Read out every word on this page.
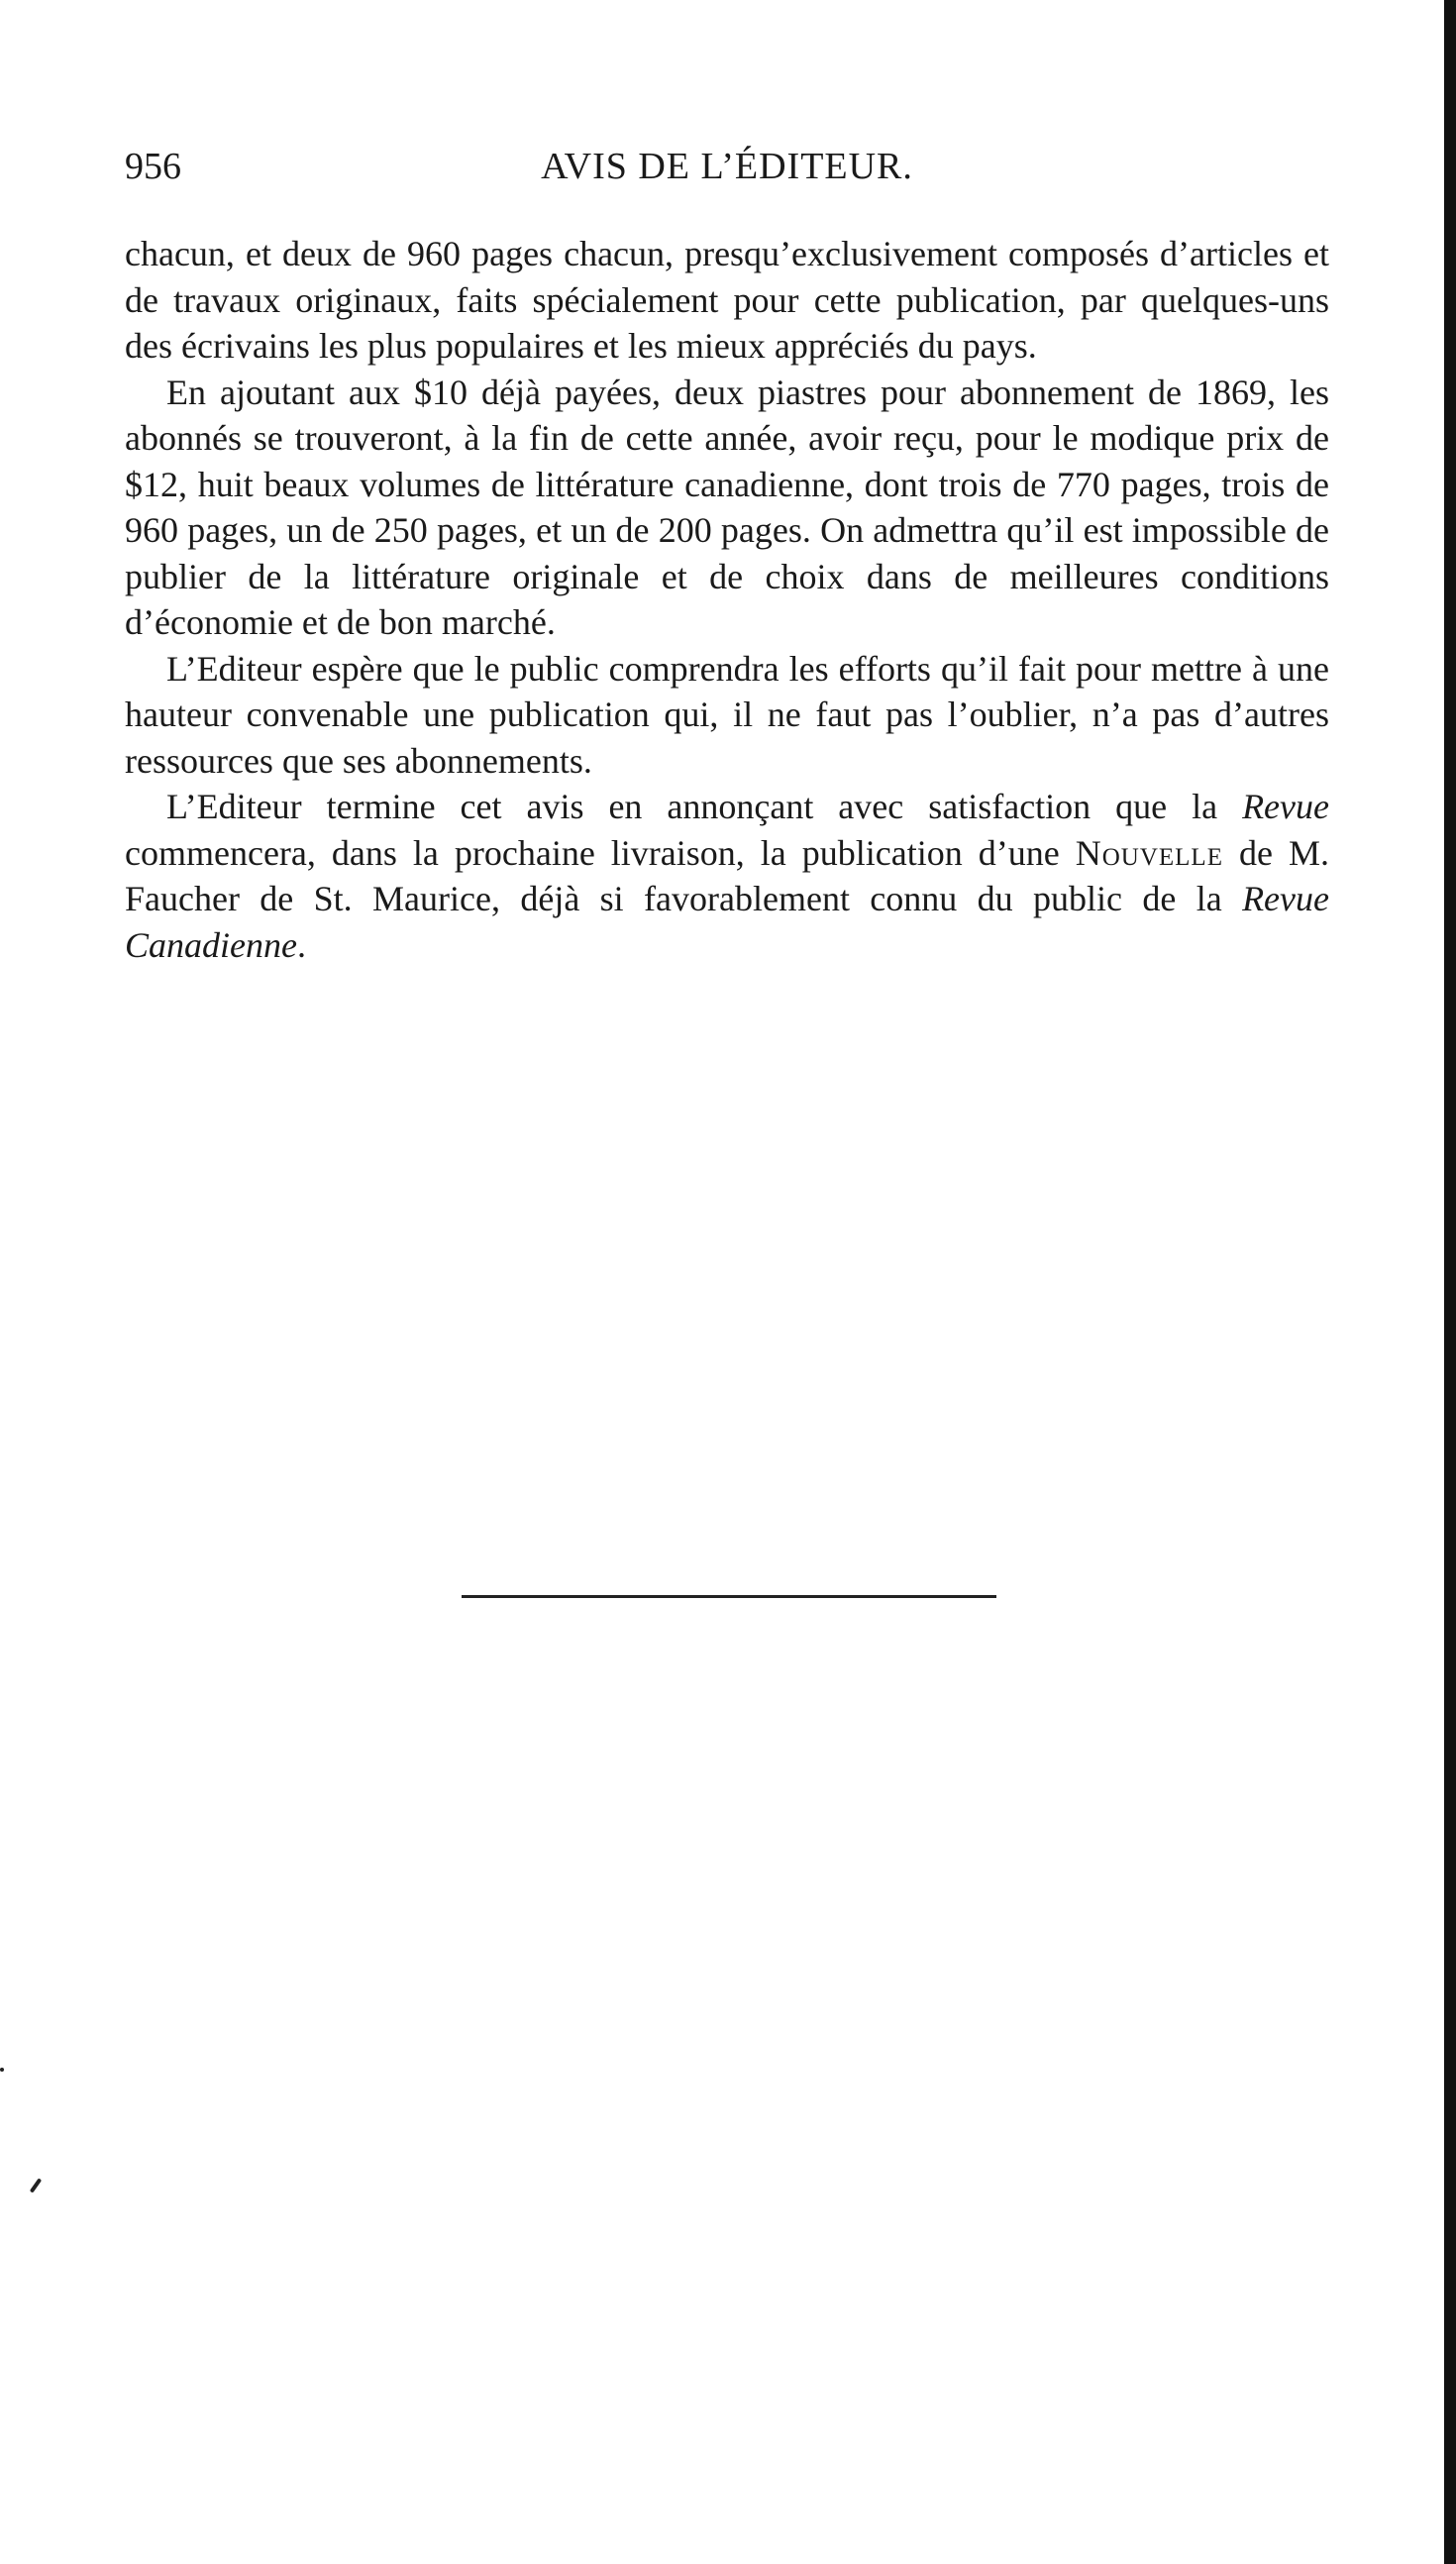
956	AVIS DE L’ÉDITEUR.

chacun, et deux de 960 pages chacun, presqu’exclusivement composés d’articles et de travaux originaux, faits spécialement pour cette publication, par quelques-uns des écrivains les plus populaires et les mieux appréciés du pays.

En ajoutant aux $10 déjà payées, deux piastres pour abonnement de 1869, les abonnés se trouveront, à la fin de cette année, avoir reçu, pour le modique prix de $12, huit beaux volumes de littérature canadienne, dont trois de 770 pages, trois de 960 pages, un de 250 pages, et un de 200 pages. On admettra qu’il est impossible de publier de la littérature originale et de choix dans de meilleures conditions d’économie et de bon marché.

L’Editeur espère que le public comprendra les efforts qu’il fait pour mettre à une hauteur convenable une publication qui, il ne faut pas l’oublier, n’a pas d’autres ressources que ses abonnements.

L’Editeur termine cet avis en annonçant avec satisfaction que la Revue commencera, dans la prochaine livraison, la publication d’une Nouvelle de M. Faucher de St. Maurice, déjà si favorablement connu du public de la Revue Canadienne.
